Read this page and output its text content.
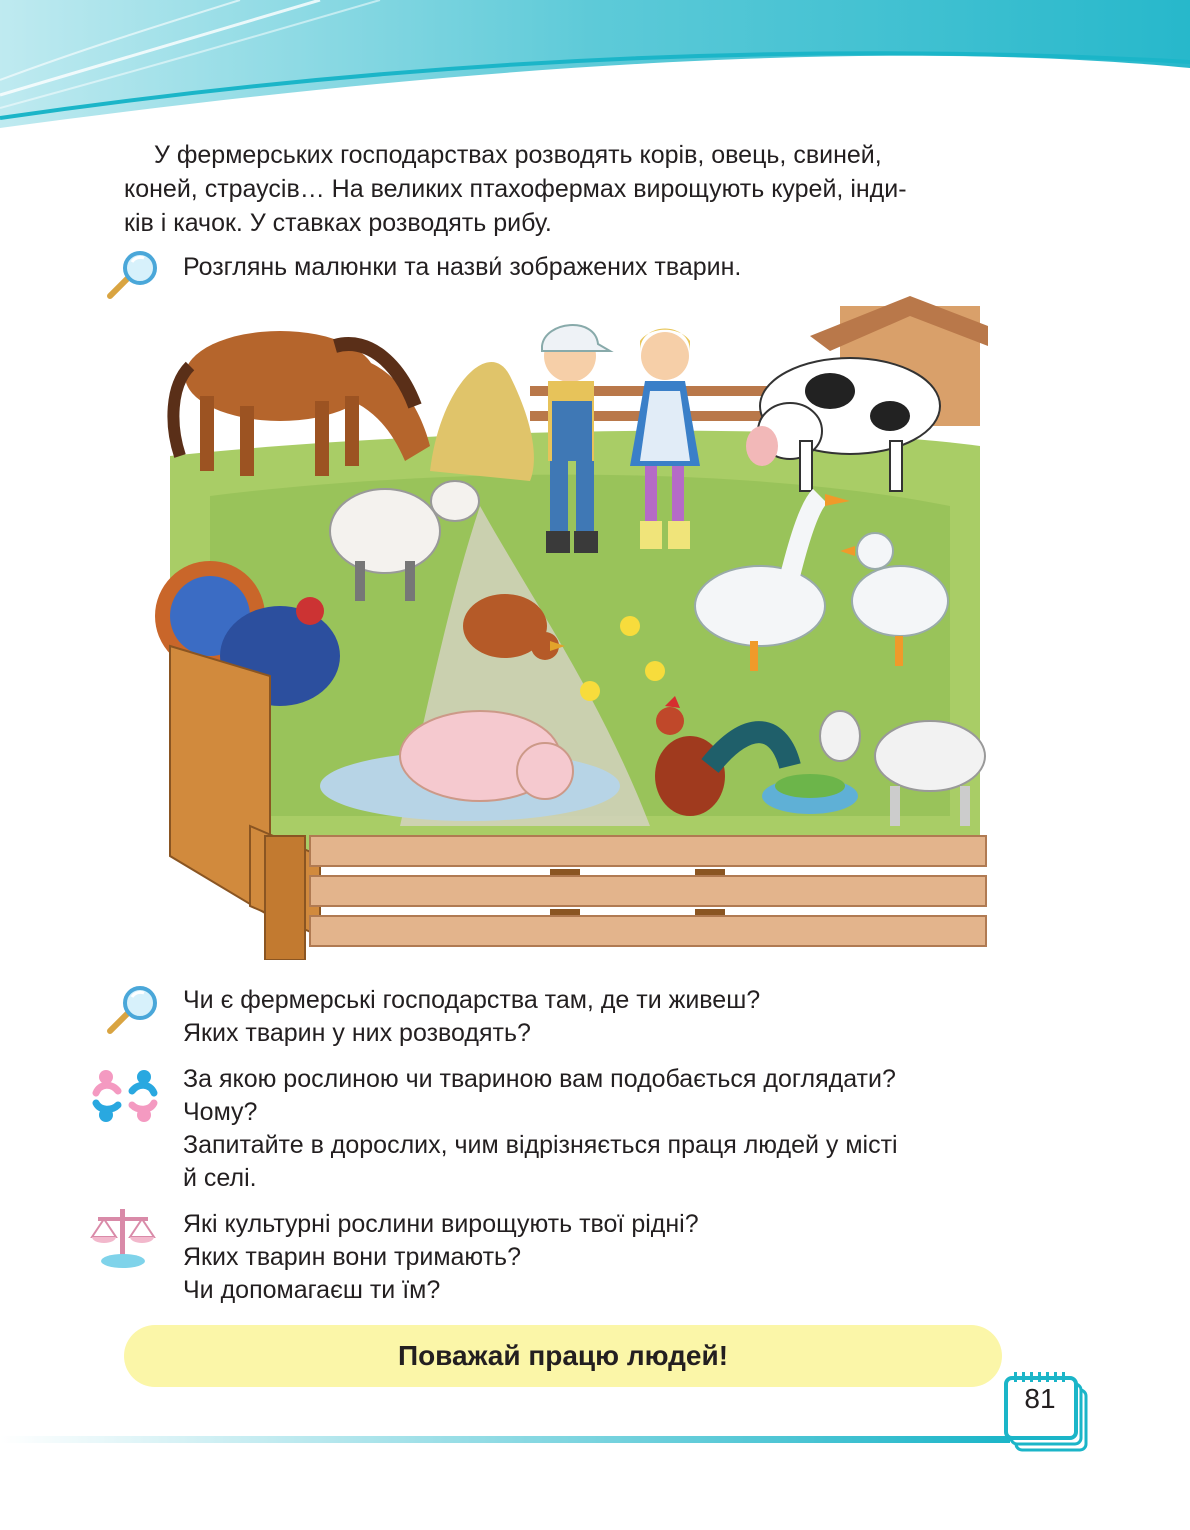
У фермерських господарствах розводять корів, овець, свиней,
коней, страусів… На великих птахофермах вирощують курей, інди-
ків і качок. У ставках розводять рибу.
Розглянь малюнки та назви́ зображених тварин.
Чи є фермерські господарства там, де ти живеш?
Яких тварин у них розводять?
За якою рослиною чи твариною вам подобається доглядати?
Чому?
Запитайте в дорослих, чим відрізняється праця людей у місті
й селі.
Які культурні рослини вирощують твої рідні?
Яких тварин вони тримають?
Чи допомагаєш ти їм?
Поважай працю людей!
81
